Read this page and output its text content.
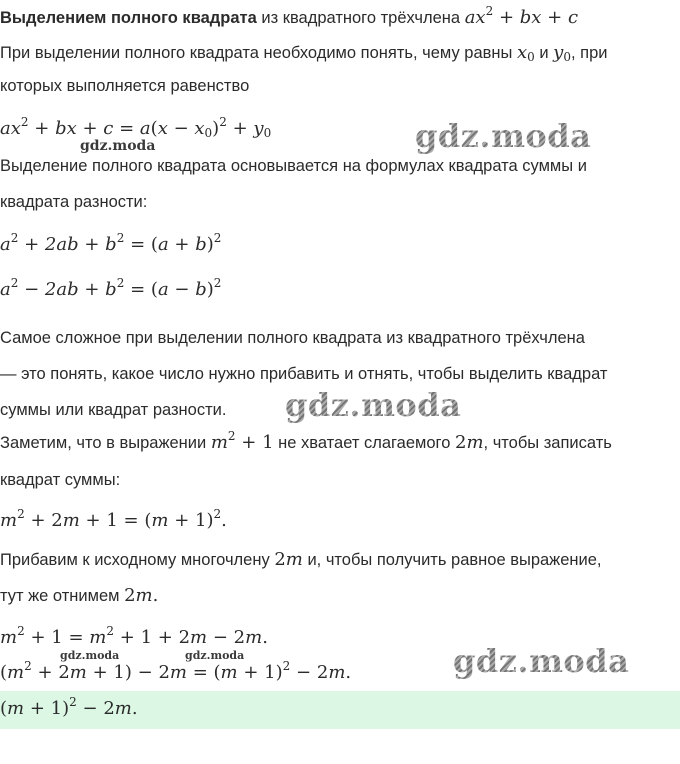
Выделением полного квадрата из квадратного трёхчлена $ax^2$ + bx + c

При выделении полного квадрата необходимо понять, чему равны $x_0$ и $y_0$, при

которых выполняется равенство

$ax^2$ + bx + $c = a(x - x_0)^2 + y_0$

Выделение полного квадрата основывается на формулах квадрата суммы и

квадрата разности:

$a^2 + 2ab + b^2 = (a + b)^2$
$a^2 - 2ab + b^2 = (a - b)^2$

Самое сложное при выделении полного квадрата из квадратного трёхчлена

— это понять, какое число нужно прибавить и отнять, чтобы выделить квадрат

суммы или квадрат разности.

Заметим, что в выражении $m^2 + 1$ не хватает слагаемого 2m, чтобы записать

квадрат суммы:

$m^2 + 2m + 1 = (m + 1)^2$.

Прибавим к исходному многочлену 2m и, чтобы получить равное выражение,

тут же отнимем 2m.

$m^2 + 1 = m^2 + 1 + 2m - 2m$.
$(m^2 + 2m + 1) - 2m = (m + 1)^2 - 2m$.
$(m + 1)^2 - 2m$.
gdz.moda
gdz.moda
gdz.moda
gdz.moda	gdz.moda	gdz.moda
